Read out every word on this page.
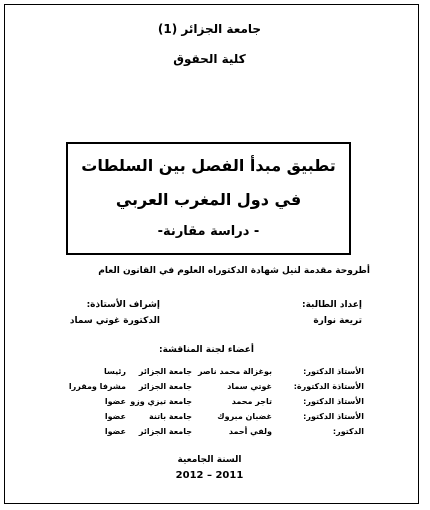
جامعة الجزائر (1)
كلية الحقوق
تطبيق مبدأ الفصل بين السلطات
في دول المغرب العربي
- دراسة مقارنة-
أطروحة مقدمة لنيل شهادة الدكتوراه العلوم في القانون العام
إعداد الطالبة:
تريعة نوارة
إشراف الأستاذة:
الدكتورة غوتي سماد
أعضاء لجنة المناقشة:
الأستاذ الدكتور:
بوغزالة محمد ناصر
جامعة الجزائر
رئيسا
الأستاذة الدكتورة:
غوتي سماد
جامعة الجزائر
مشرفا ومقررا
الأستاذ الدكتور:
تاجر محمد
جامعة تيزي وزو
عضوا
الأستاذ الدكتور:
غضبان مبروك
جامعة باتنة
عضوا
الدكتور:
ولفي أحمد
جامعة الجزائر
عضوا
السنة الجامعية
2012 – 2011
